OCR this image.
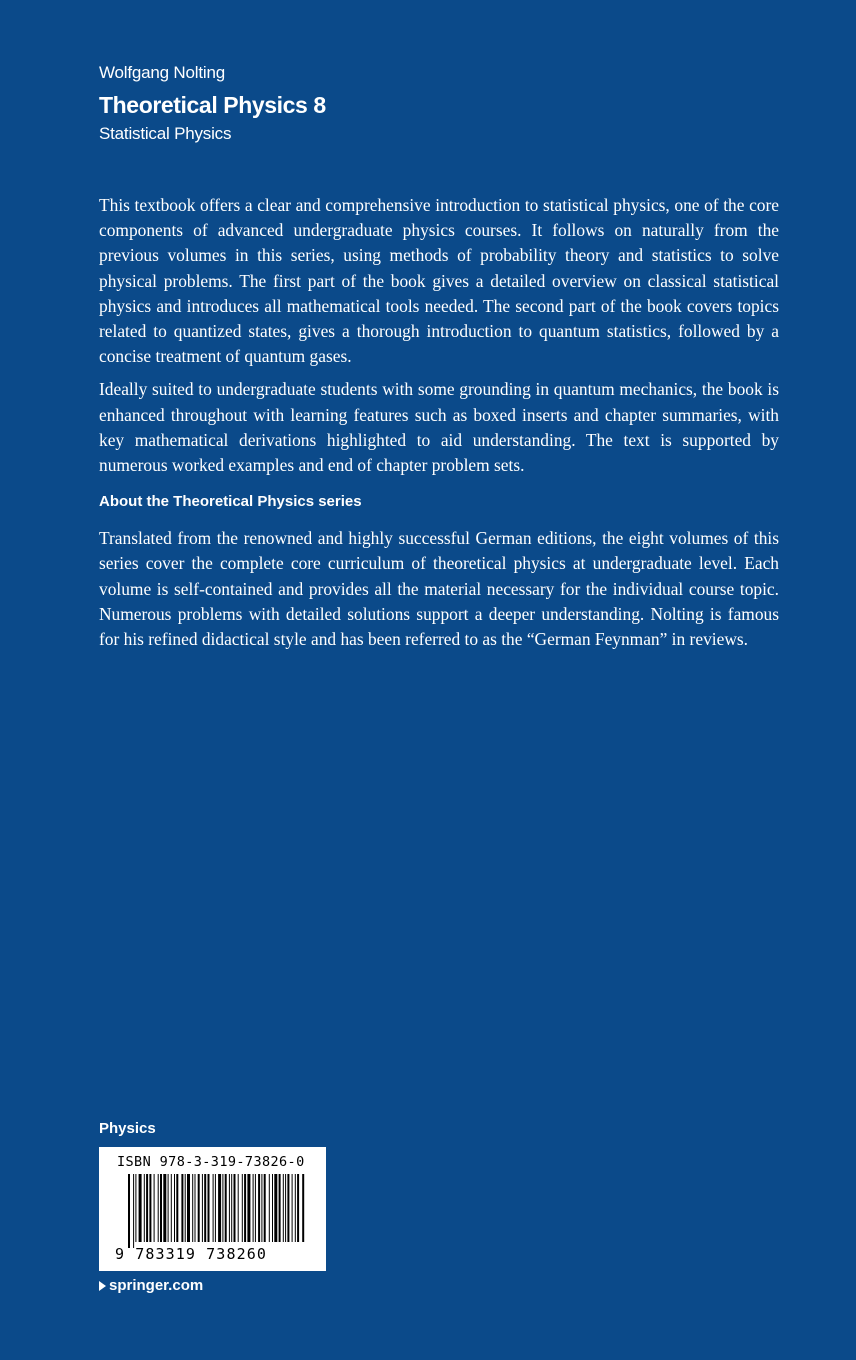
Wolfgang Nolting

Theoretical Physics 8

Statistical Physics

This textbook offers a clear and comprehensive introduction to statistical physics, one of the core components of advanced undergraduate physics courses. It follows on naturally from the previous volumes in this series, using methods of probability theory and statistics to solve physical problems. The first part of the book gives a detailed overview on classical statistical physics and introduces all mathematical tools needed. The second part of the book covers topics related to quantized states, gives a thorough introduction to quantum statistics, followed by a concise treatment of quantum gases.

Ideally suited to undergraduate students with some grounding in quantum mechanics, the book is enhanced throughout with learning features such as boxed inserts and chapter summaries, with key mathematical derivations highlighted to aid understanding. The text is supported by numerous worked examples and end of chapter problem sets.

About the Theoretical Physics series

Translated from the renowned and highly successful German editions, the eight volumes of this series cover the complete core curriculum of theoretical physics at undergraduate level. Each volume is self-contained and provides all the material necessary for the individual course topic. Numerous problems with detailed solutions support a deeper understanding. Nolting is famous for his refined didactical style and has been referred to as the “German Feynman” in reviews.

Physics
ISBN 978-3-319-73826-0
9 783319 738260
springer.com
